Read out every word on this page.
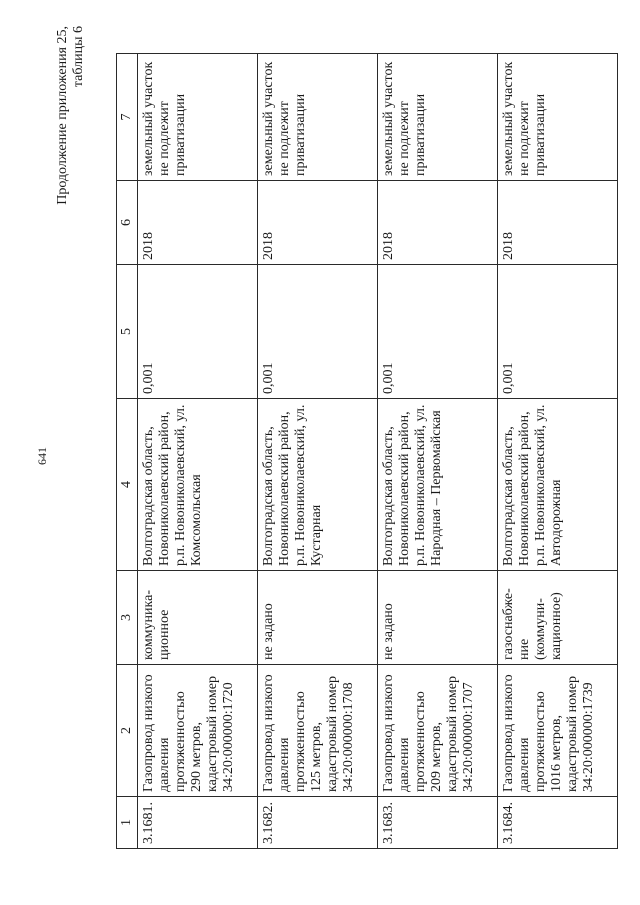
641
Продолжение приложения 25, таблицы 6
1	2	3	4	5	6	7
3.1681.	Газопровод низкого давления протяженностью 290 метров, кадастровый номер 34:20:000000:1720	коммуника-ционное	Волгоградская область, Новониколаевский район, р.п. Новониколаевский, ул. Комсомольская	0,001	2018	земельный участок не подлежит приватизации
3.1682.	Газопровод низкого давления протяженностью 125 метров, кадастровый номер 34:20:000000:1708	не задано	Волгоградская область, Новониколаевский район, р.п. Новониколаевский, ул. Кустарная	0,001	2018	земельный участок не подлежит приватизации
3.1683.	Газопровод низкого давления протяженностью 209 метров, кадастровый номер 34:20:000000:1707	не задано	Волгоградская область, Новониколаевский район, р.п. Новониколаевский, ул. Народная – Первомайская	0,001	2018	земельный участок не подлежит приватизации
3.1684.	Газопровод низкого давления протяженностью 1016 метров, кадастровый номер 34:20:000000:1739	газоснабже-ние (коммуни-кационное)	Волгоградская область, Новониколаевский район, р.п. Новониколаевский, ул. Автодорожная	0,001	2018	земельный участок не подлежит приватизации
